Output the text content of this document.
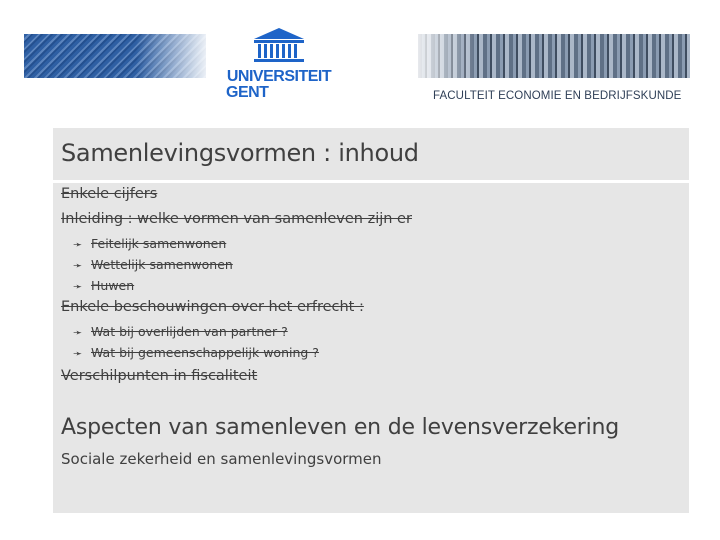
UNIVERSITEIT
GENT	FACULTEIT ECONOMIE EN BEDRIJFSKUNDE
Samenlevingsvormen : inhoud
Enkele cijfers
Inleiding : welke vormen van samenleven zijn er
➛ Feitelijk samenwonen
➛ Wettelijk samenwonen
➛ Huwen
Enkele beschouwingen over het erfrecht :
➛ Wat bij overlijden van partner ?
➛ Wat bij gemeenschappelijk woning ?
Verschilpunten in fiscaliteit
Aspecten van samenleven en de levensverzekering
Sociale zekerheid en samenlevingsvormen
